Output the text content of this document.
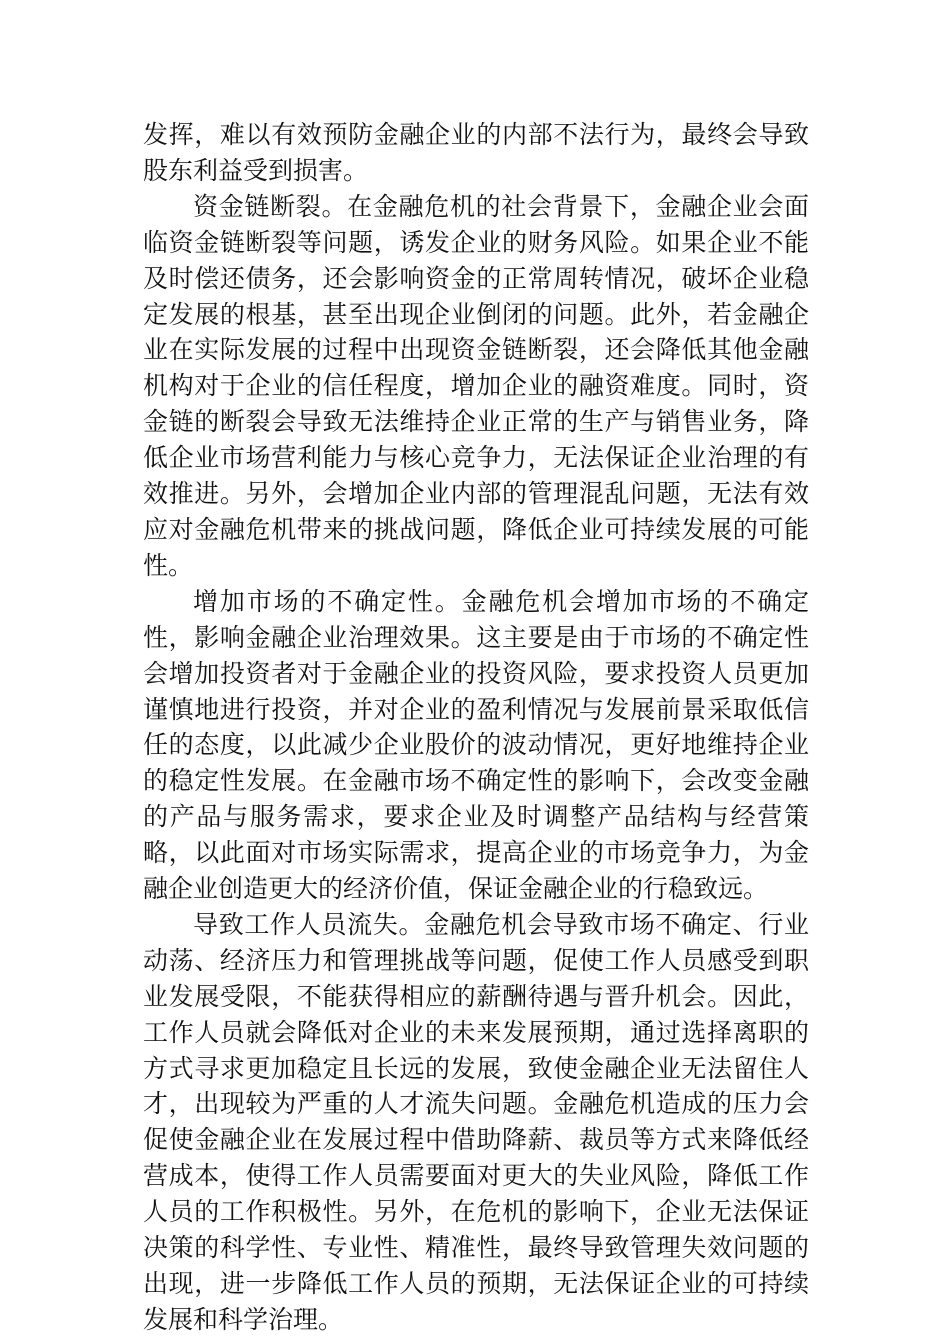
发挥，难以有效预防金融企业的内部不法行为，最终会导致股东利益受到损害。

资金链断裂。在金融危机的社会背景下，金融企业会面临资金链断裂等问题，诱发企业的财务风险。如果企业不能及时偿还债务，还会影响资金的正常周转情况，破坏企业稳定发展的根基，甚至出现企业倒闭的问题。此外，若金融企业在实际发展的过程中出现资金链断裂，还会降低其他金融机构对于企业的信任程度，增加企业的融资难度。同时，资金链的断裂会导致无法维持企业正常的生产与销售业务，降低企业市场营利能力与核心竞争力，无法保证企业治理的有效推进。另外，会增加企业内部的管理混乱问题，无法有效应对金融危机带来的挑战问题，降低企业可持续发展的可能性。

增加市场的不确定性。金融危机会增加市场的不确定性，影响金融企业治理效果。这主要是由于市场的不确定性会增加投资者对于金融企业的投资风险，要求投资人员更加谨慎地进行投资，并对企业的盈利情况与发展前景采取低信任的态度，以此减少企业股价的波动情况，更好地维持企业的稳定性发展。在金融市场不确定性的影响下，会改变金融的产品与服务需求，要求企业及时调整产品结构与经营策略，以此面对市场实际需求，提高企业的市场竞争力，为金融企业创造更大的经济价值，保证金融企业的行稳致远。

导致工作人员流失。金融危机会导致市场不确定、行业动荡、经济压力和管理挑战等问题，促使工作人员感受到职业发展受限，不能获得相应的薪酬待遇与晋升机会。因此，工作人员就会降低对企业的未来发展预期，通过选择离职的方式寻求更加稳定且长远的发展，致使金融企业无法留住人才，出现较为严重的人才流失问题。金融危机造成的压力会促使金融企业在发展过程中借助降薪、裁员等方式来降低经营成本，使得工作人员需要面对更大的失业风险，降低工作人员的工作积极性。另外，在危机的影响下，企业无法保证决策的科学性、专业性、精准性，最终导致管理失效问题的出现，进一步降低工作人员的预期，无法保证企业的可持续发展和科学治理。
